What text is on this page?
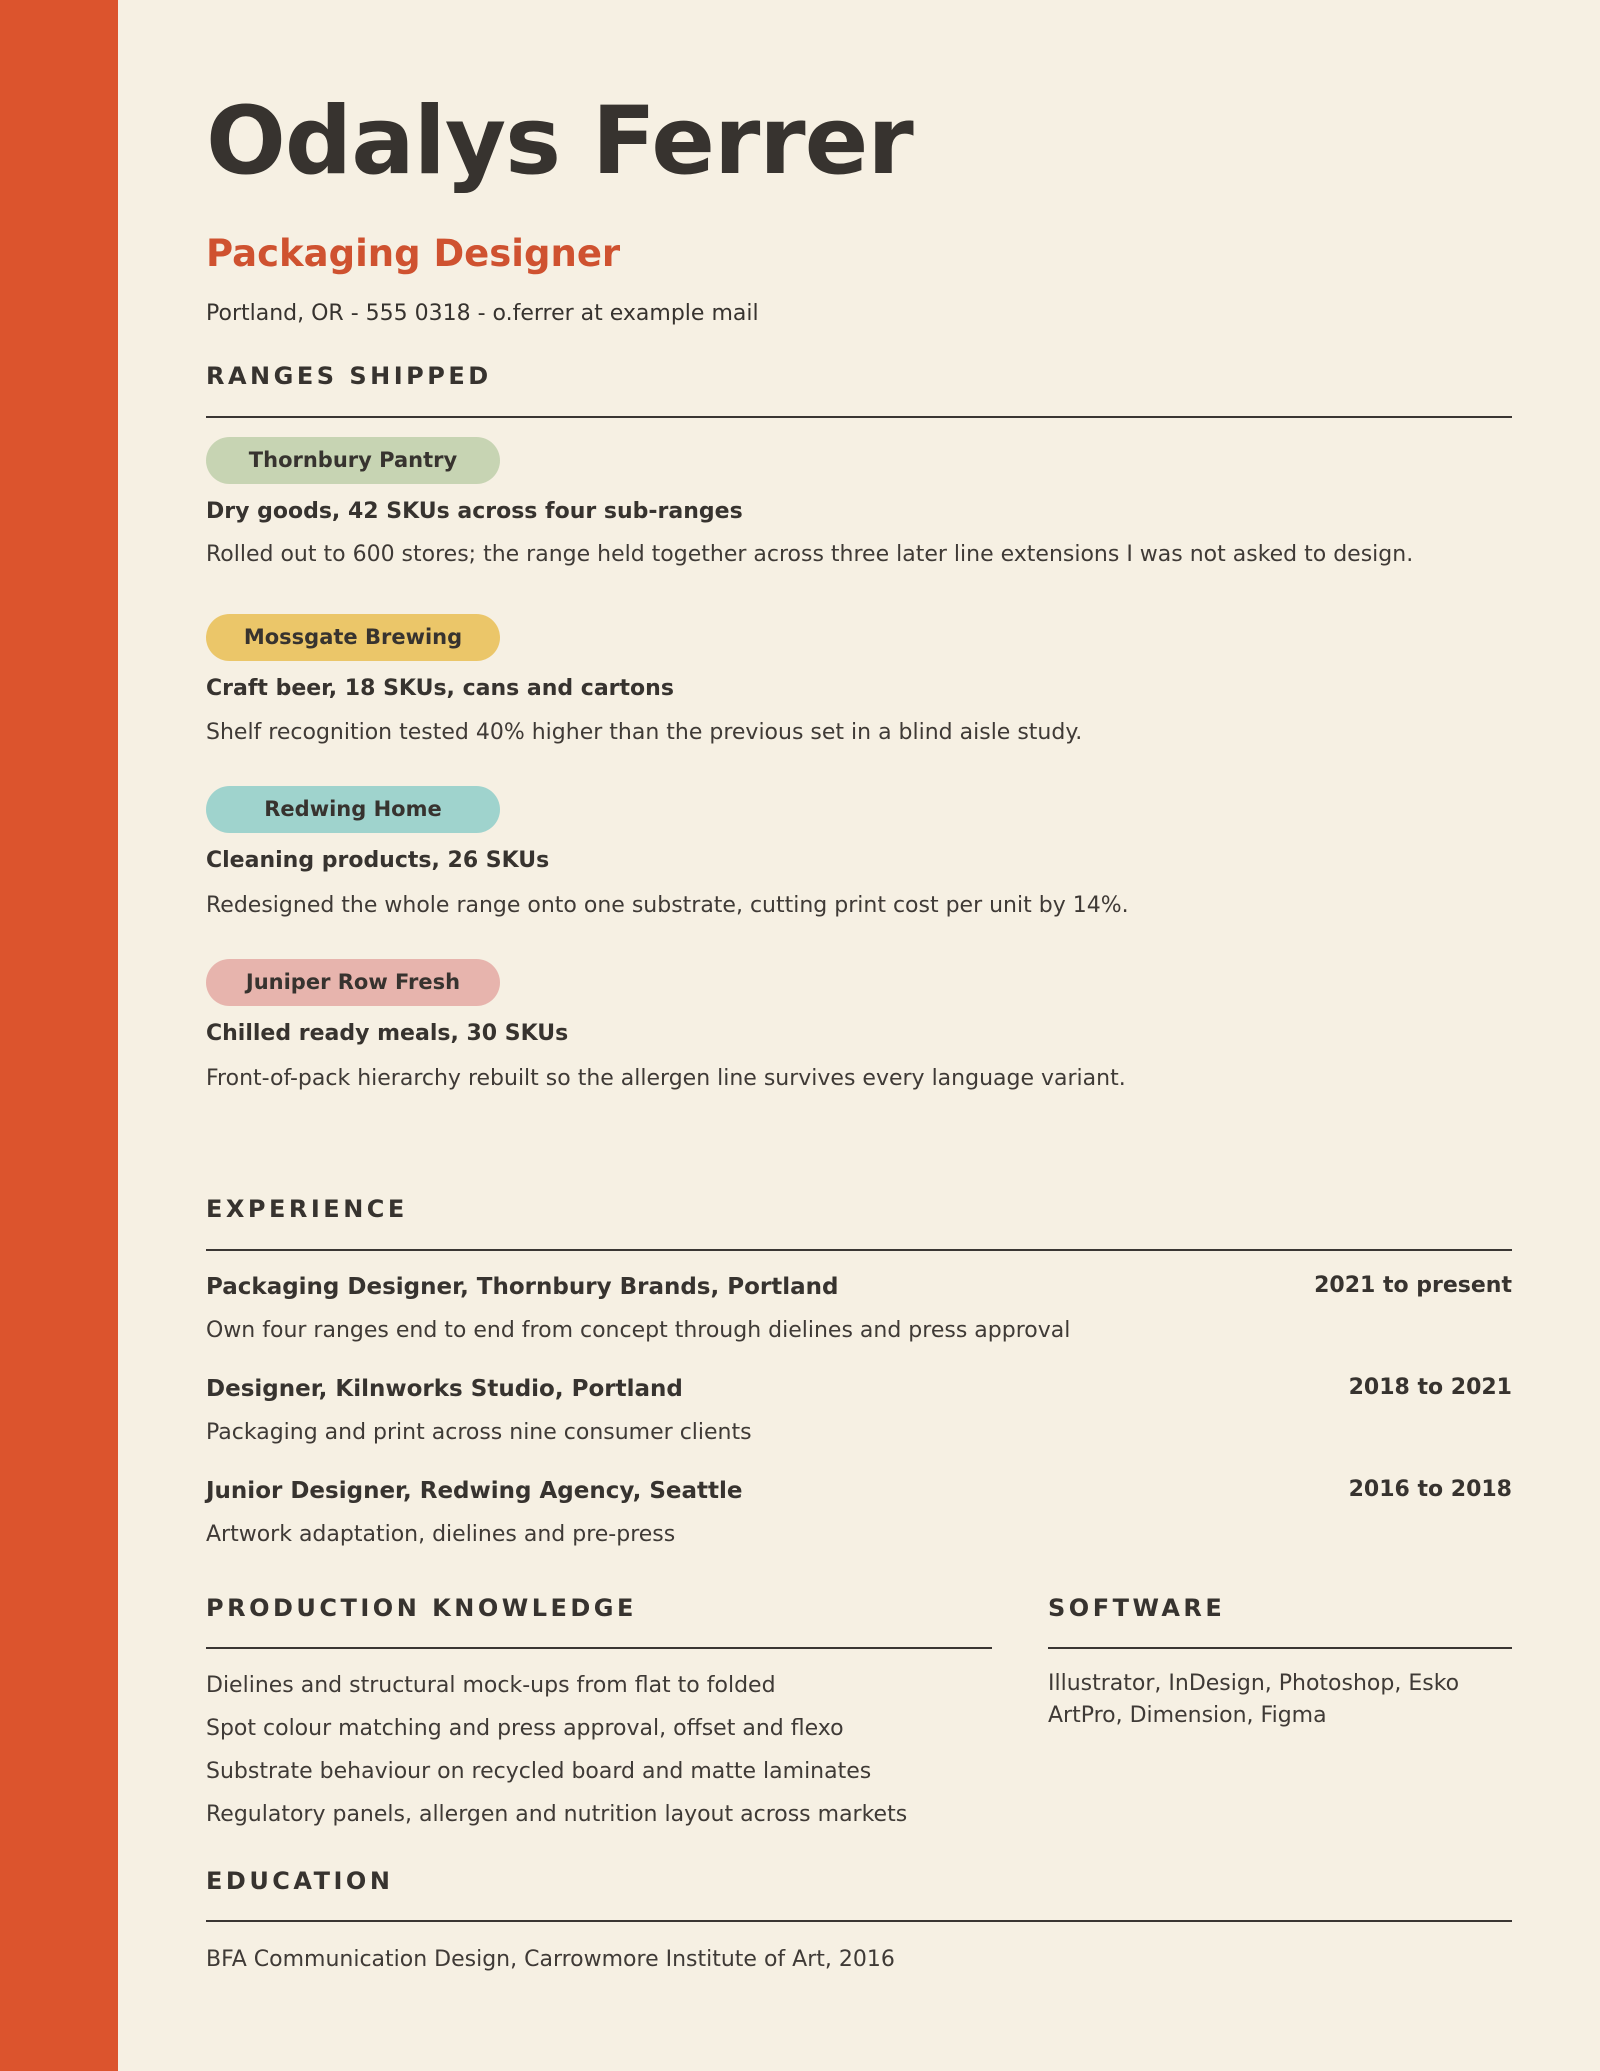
Odalys Ferrer
Packaging Designer
Portland, OR - 555 0318 - o.ferrer at example mail
RANGES SHIPPED
Thornbury Pantry
Dry goods, 42 SKUs across four sub-ranges
Rolled out to 600 stores; the range held together across three later line extensions I was not asked to design.
Mossgate Brewing
Craft beer, 18 SKUs, cans and cartons
Shelf recognition tested 40% higher than the previous set in a blind aisle study.
Redwing Home
Cleaning products, 26 SKUs
Redesigned the whole range onto one substrate, cutting print cost per unit by 14%.
Juniper Row Fresh
Chilled ready meals, 30 SKUs
Front-of-pack hierarchy rebuilt so the allergen line survives every language variant.
EXPERIENCE
Packaging Designer, Thornbury Brands, Portland	2021 to present
Own four ranges end to end from concept through dielines and press approval
Designer, Kilnworks Studio, Portland	2018 to 2021
Packaging and print across nine consumer clients
Junior Designer, Redwing Agency, Seattle	2016 to 2018
Artwork adaptation, dielines and pre-press
PRODUCTION KNOWLEDGE
Dielines and structural mock-ups from flat to folded
Spot colour matching and press approval, offset and flexo
Substrate behaviour on recycled board and matte laminates
Regulatory panels, allergen and nutrition layout across markets
SOFTWARE
Illustrator, InDesign, Photoshop, Esko ArtPro, Dimension, Figma
EDUCATION
BFA Communication Design, Carrowmore Institute of Art, 2016
